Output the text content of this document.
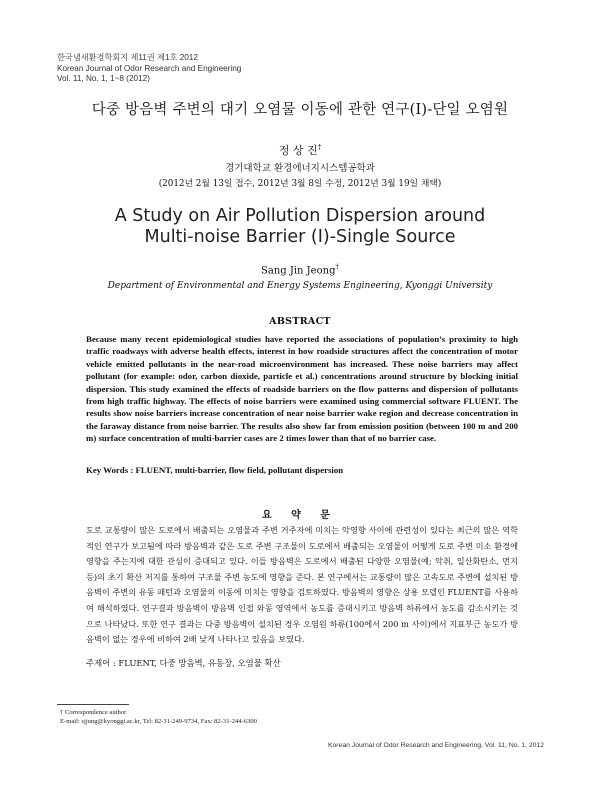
한국냄새환경학회지 제11권 제1호 2012
Korean Journal of Odor Research and Engineering
Vol. 11, No. 1, 1~8 (2012)
다중 방음벽 주변의 대기 오염물 이동에 관한 연구(I)-단일 오염원
정 상 진†
경기대학교 환경에너지시스템공학과
(2012년 2월 13일 접수, 2012년 3월 8일 수정, 2012년 3월 19일 채택)
A Study on Air Pollution Dispersion around Multi-noise Barrier (I)-Single Source
Sang Jin Jeong†
Department of Environmental and Energy Systems Engineering, Kyonggi University
ABSTRACT
Because many recent epidemiological studies have reported the associations of population’s proximity to high traffic roadways with adverse health effects, interest in how roadside structures affect the concentration of motor vehicle emitted pollutants in the near-road microenvironment has increased. These noise barriers may affect pollutant (for example: odor, carbon dioxide, particle et al.) concentrations around structure by blocking initial dispersion. This study examined the effects of roadside barriers on the flow patterns and dispersion of pollutants from high traffic highway. The effects of noise barriers were examined using commercial software FLUENT. The results show noise barriers increase concentration of near noise barrier wake region and decrease concentration in the faraway distance from noise barrier. The results also show far from emission position (between 100 m and 200 m) surface concentration of multi-barrier cases are 2 times lower than that of no barrier case.
Key Words : FLUENT, multi-barrier, flow field, pollutant dispersion
요 약 문
도로 교통량이 많은 도로에서 배출되는 오염물과 주변 거주자에 미치는 악영향 사이에 관련성이 있다는 최근의 많은 역학적인 연구가 보고됨에 따라 방음벽과 같은 도로 주변 구조물이 도로에서 배출되는 오염물이 어떻게 도로 주변 미소 환경에 영향을 주는지에 대한 관심이 증대되고 있다. 이들 방음벽은 도로에서 배출된 다양한 오염물(예; 악취, 일산화탄소, 먼지 등)의 초기 확산 저지를 통하여 구조물 주변 농도에 영향을 준다. 본 연구에서는 교통량이 많은 고속도로 주변에 설치된 방음벽이 주변의 유동 패턴과 오염물의 이동에 미치는 영향을 검토하였다. 방음벽의 영향은 상용 모델인 FLUENT를 사용하여 해석하였다. 연구결과 방음벽이 방음벽 인접 와동 영역에서 농도를 증대시키고 방음벽 하류에서 농도를 감소시키는 것으로 나타났다. 또한 연구 결과는 다중 방음벽이 설치된 경우 오염원 하류(100에서 200 m 사이)에서 지표부근 농도가 방음벽이 없는 경우에 비하여 2배 낮게 나타나고 있음을 보였다.
주제어 : FLUENT, 다중 방음벽, 유동장, 오염물 확산
† Correspondence author
E-mail: sjjung@kyonggi.ac.kr, Tel: 82-31-249-9734, Fax: 82-31-244-6300
Korean Journal of Odor Research and Engineering. Vol. 11, No. 1, 2012
